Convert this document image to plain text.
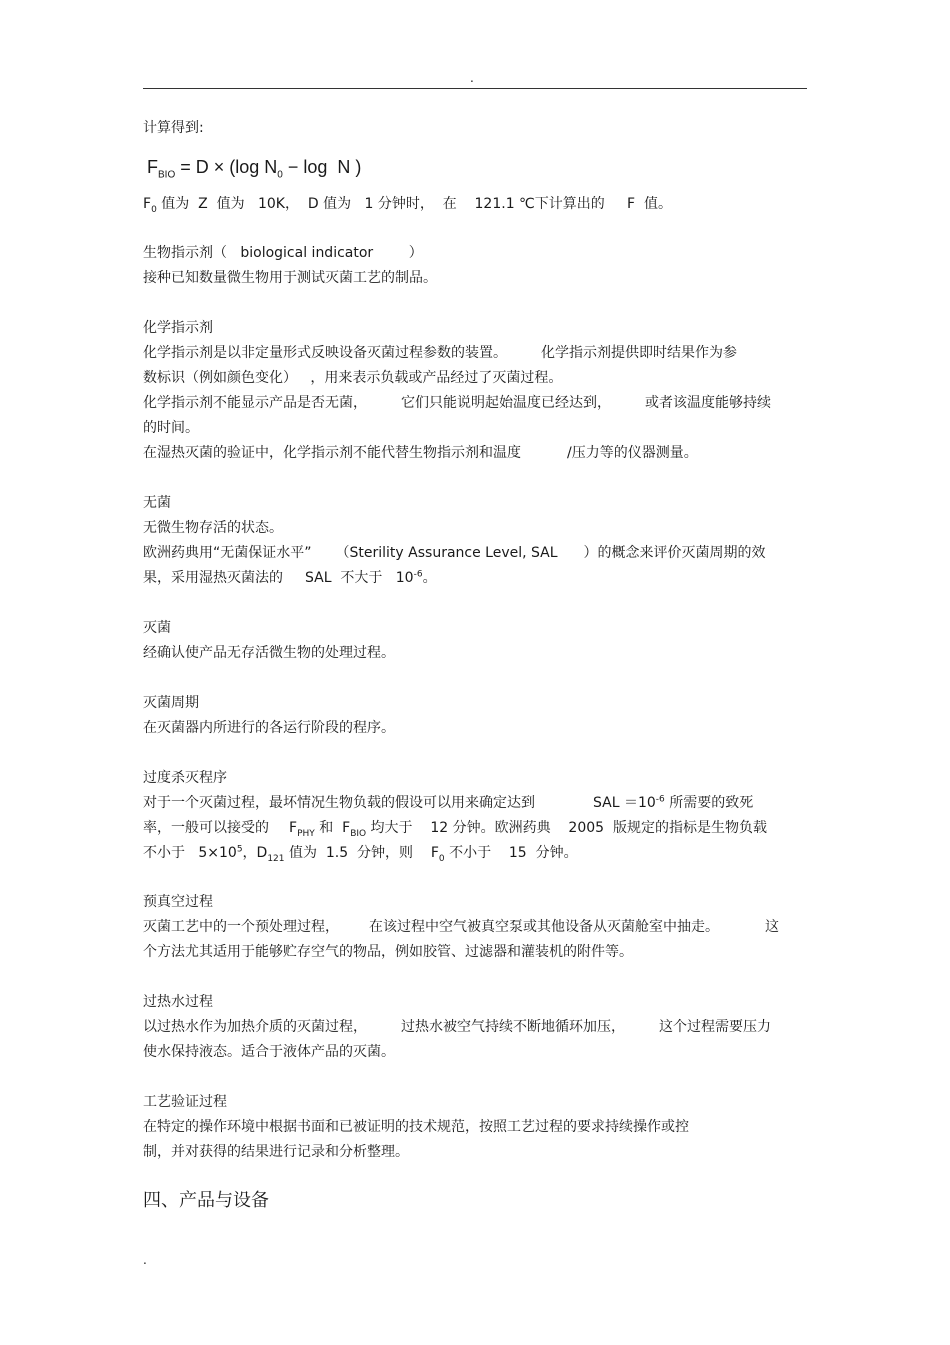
.
计算得到:
$F_{BIO} = D \times (\log$ $N_0 - \log N$ )
$F_0$ 值为  Z  值为   10K，  D 值为   1 分钟时，  在    121.1 ℃下计算出的     F  值。
生物指示剂（   biological indicator        ）
接种已知数量微生物用于测试灭菌工艺的制品。
化学指示剂
化学指示剂是以非定量形式反映设备灭菌过程参数的装置。 化学指示剂提供即时结果作为参
数标识（例如颜色变化）   ，用来表示负载或产品经过了灭菌过程。
化学指示剂不能显示产品是否无菌， 它们只能说明起始温度已经达到， 或者该温度能够持续
的时间。
在湿热灭菌的验证中，化学指示剂不能代替生物指示剂和温度	/压力等的仪器测量。
无菌
无微生物存活的状态。
欧洲药典用“无菌保证水平” （Sterility Assurance Level, SAL ）的概念来评价灭菌周期的效
果，采用湿热灭菌法的 SAL  不大于   $10^{-6}$。
灭菌
经确认使产品无存活微生物的处理过程。
灭菌周期
在灭菌器内所进行的各运行阶段的程序。
过度杀灭程序
对于一个灭菌过程，最坏情况生物负载的假设可以用来确定达到	SAL $=10^{-6}$ 所需要的致死
率，一般可以接受的 $F_{PHY}$ 和  $F_{BIO}$ 均大于    12 分钟。欧洲药典    2005  版规定的指标是生物负载
不小于   $5\times 10^5$，$D_{121}$ 值为  1.5  分钟，则    $F_0$ 不小于    15  分钟。
预真空过程
灭菌工艺中的一个预处理过程， 在该过程中空气被真空泵或其他设备从灭菌舱室中抽走。	这
个方法尤其适用于能够贮存空气的物品，例如胶管、过滤器和灌装机的附件等。
过热水过程
以过热水作为加热介质的灭菌过程， 过热水被空气持续不断地循环加压， 这个过程需要压力
使水保持液态。适合于液体产品的灭菌。
工艺验证过程
在特定的操作环境中根据书面和已被证明的技术规范，按照工艺过程的要求持续操作或控
制，并对获得的结果进行记录和分析整理。
四、产品与设备
.
